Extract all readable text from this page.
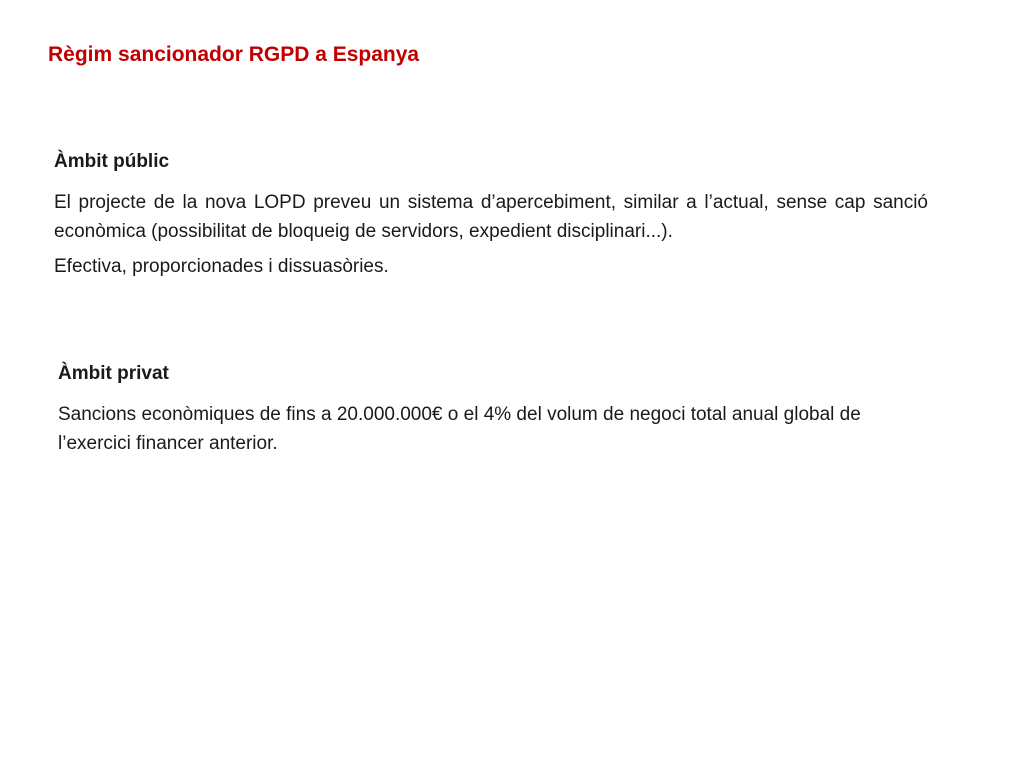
Règim sancionador RGPD a Espanya
Àmbit públic

El projecte de la nova LOPD preveu un sistema d’apercebiment, similar a l’actual, sense cap sanció econòmica (possibilitat de bloqueig de servidors, expedient disciplinari...).

Efectiva, proporcionades i dissuasòries.

Àmbit privat

Sancions econòmiques de fins a 20.000.000€ o el 4% del volum de negoci total anual global de l’exercici financer anterior.
